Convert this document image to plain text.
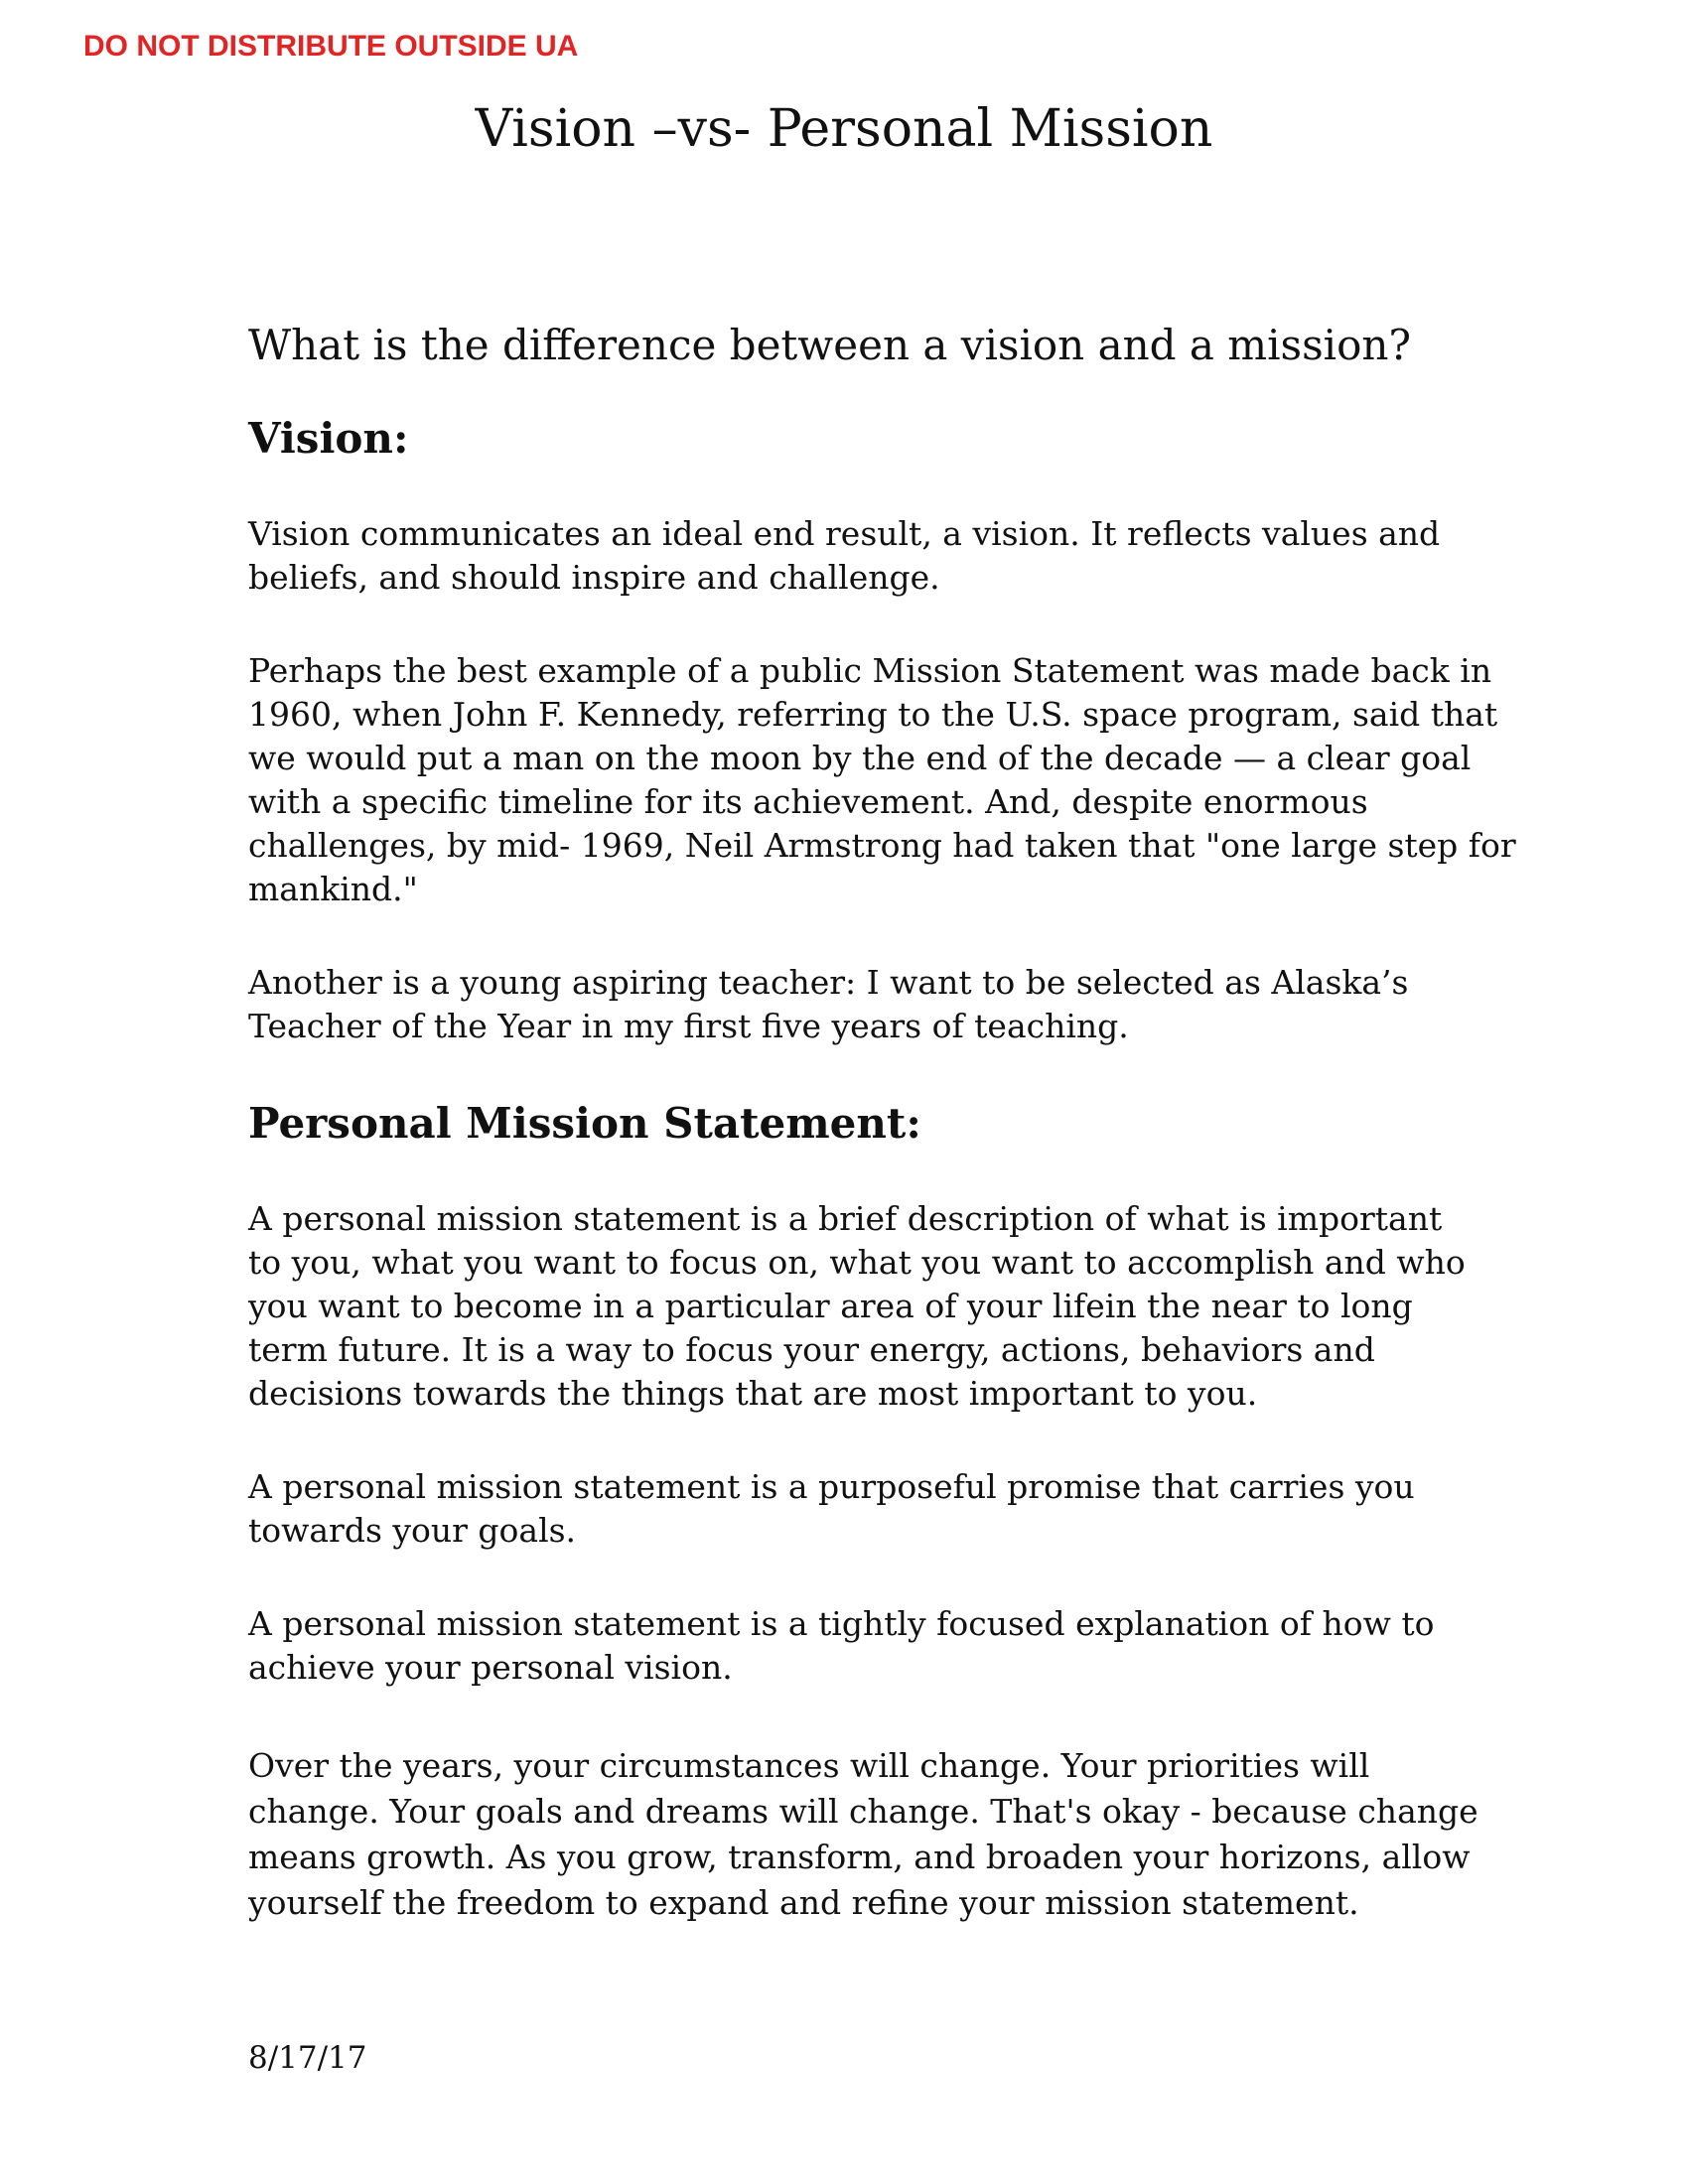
DO NOT DISTRIBUTE OUTSIDE UA
Vision –vs- Personal Mission

What is the difference between a vision and a mission?

Vision:

Vision communicates an ideal end result, a vision. It reflects values and beliefs, and should inspire and challenge.

Perhaps the best example of a public Mission Statement was made back in 1960, when John F. Kennedy, referring to the U.S. space program, said that we would put a man on the moon by the end of the decade — a clear goal with a specific timeline for its achievement. And, despite enormous challenges, by mid- 1969, Neil Armstrong had taken that "one large step for mankind."

Another is a young aspiring teacher: I want to be selected as Alaska’s Teacher of the Year in my first five years of teaching.

Personal Mission Statement:

A personal mission statement is a brief description of what is important to you, what you want to focus on, what you want to accomplish and who you want to become in a particular area of your lifein the near to long term future. It is a way to focus your energy, actions, behaviors and decisions towards the things that are most important to you.

A personal mission statement is a purposeful promise that carries you towards your goals.

A personal mission statement is a tightly focused explanation of how to achieve your personal vision.

Over the years, your circumstances will change. Your priorities will change. Your goals and dreams will change. That's okay - because change means growth. As you grow, transform, and broaden your horizons, allow yourself the freedom to expand and refine your mission statement.

8/17/17
